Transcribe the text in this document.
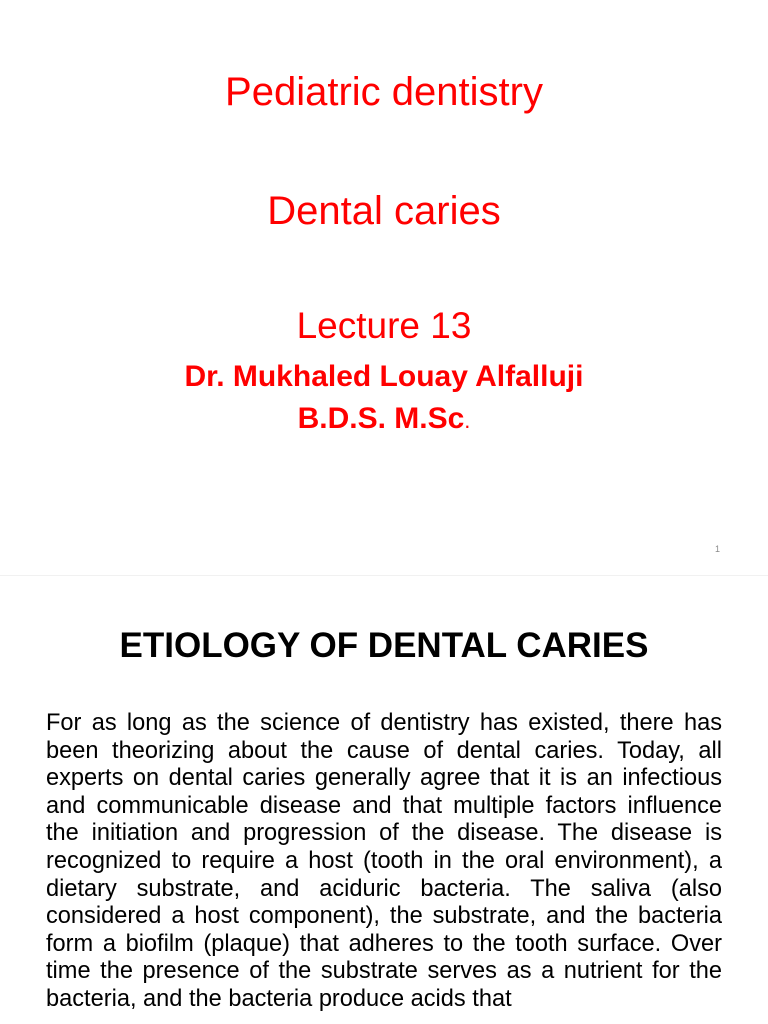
Pediatric dentistry
Dental caries
Lecture 13
Dr. Mukhaled Louay Alfalluji
B.D.S. M.Sc.
1
ETIOLOGY OF DENTAL CARIES

For as long as the science of dentistry has existed, there has been theorizing about the cause of dental caries. Today, all experts on dental caries generally agree that it is an infectious and communicable disease and that multiple factors influence the initiation and progression of the disease. The disease is recognized to require a host (tooth in the oral environment), a dietary substrate, and aciduric bacteria. The saliva (also considered a host component), the substrate, and the bacteria form a biofilm (plaque) that adheres to the tooth surface. Over time the presence of the substrate serves as a nutrient for the bacteria, and the bacteria produce acids that
